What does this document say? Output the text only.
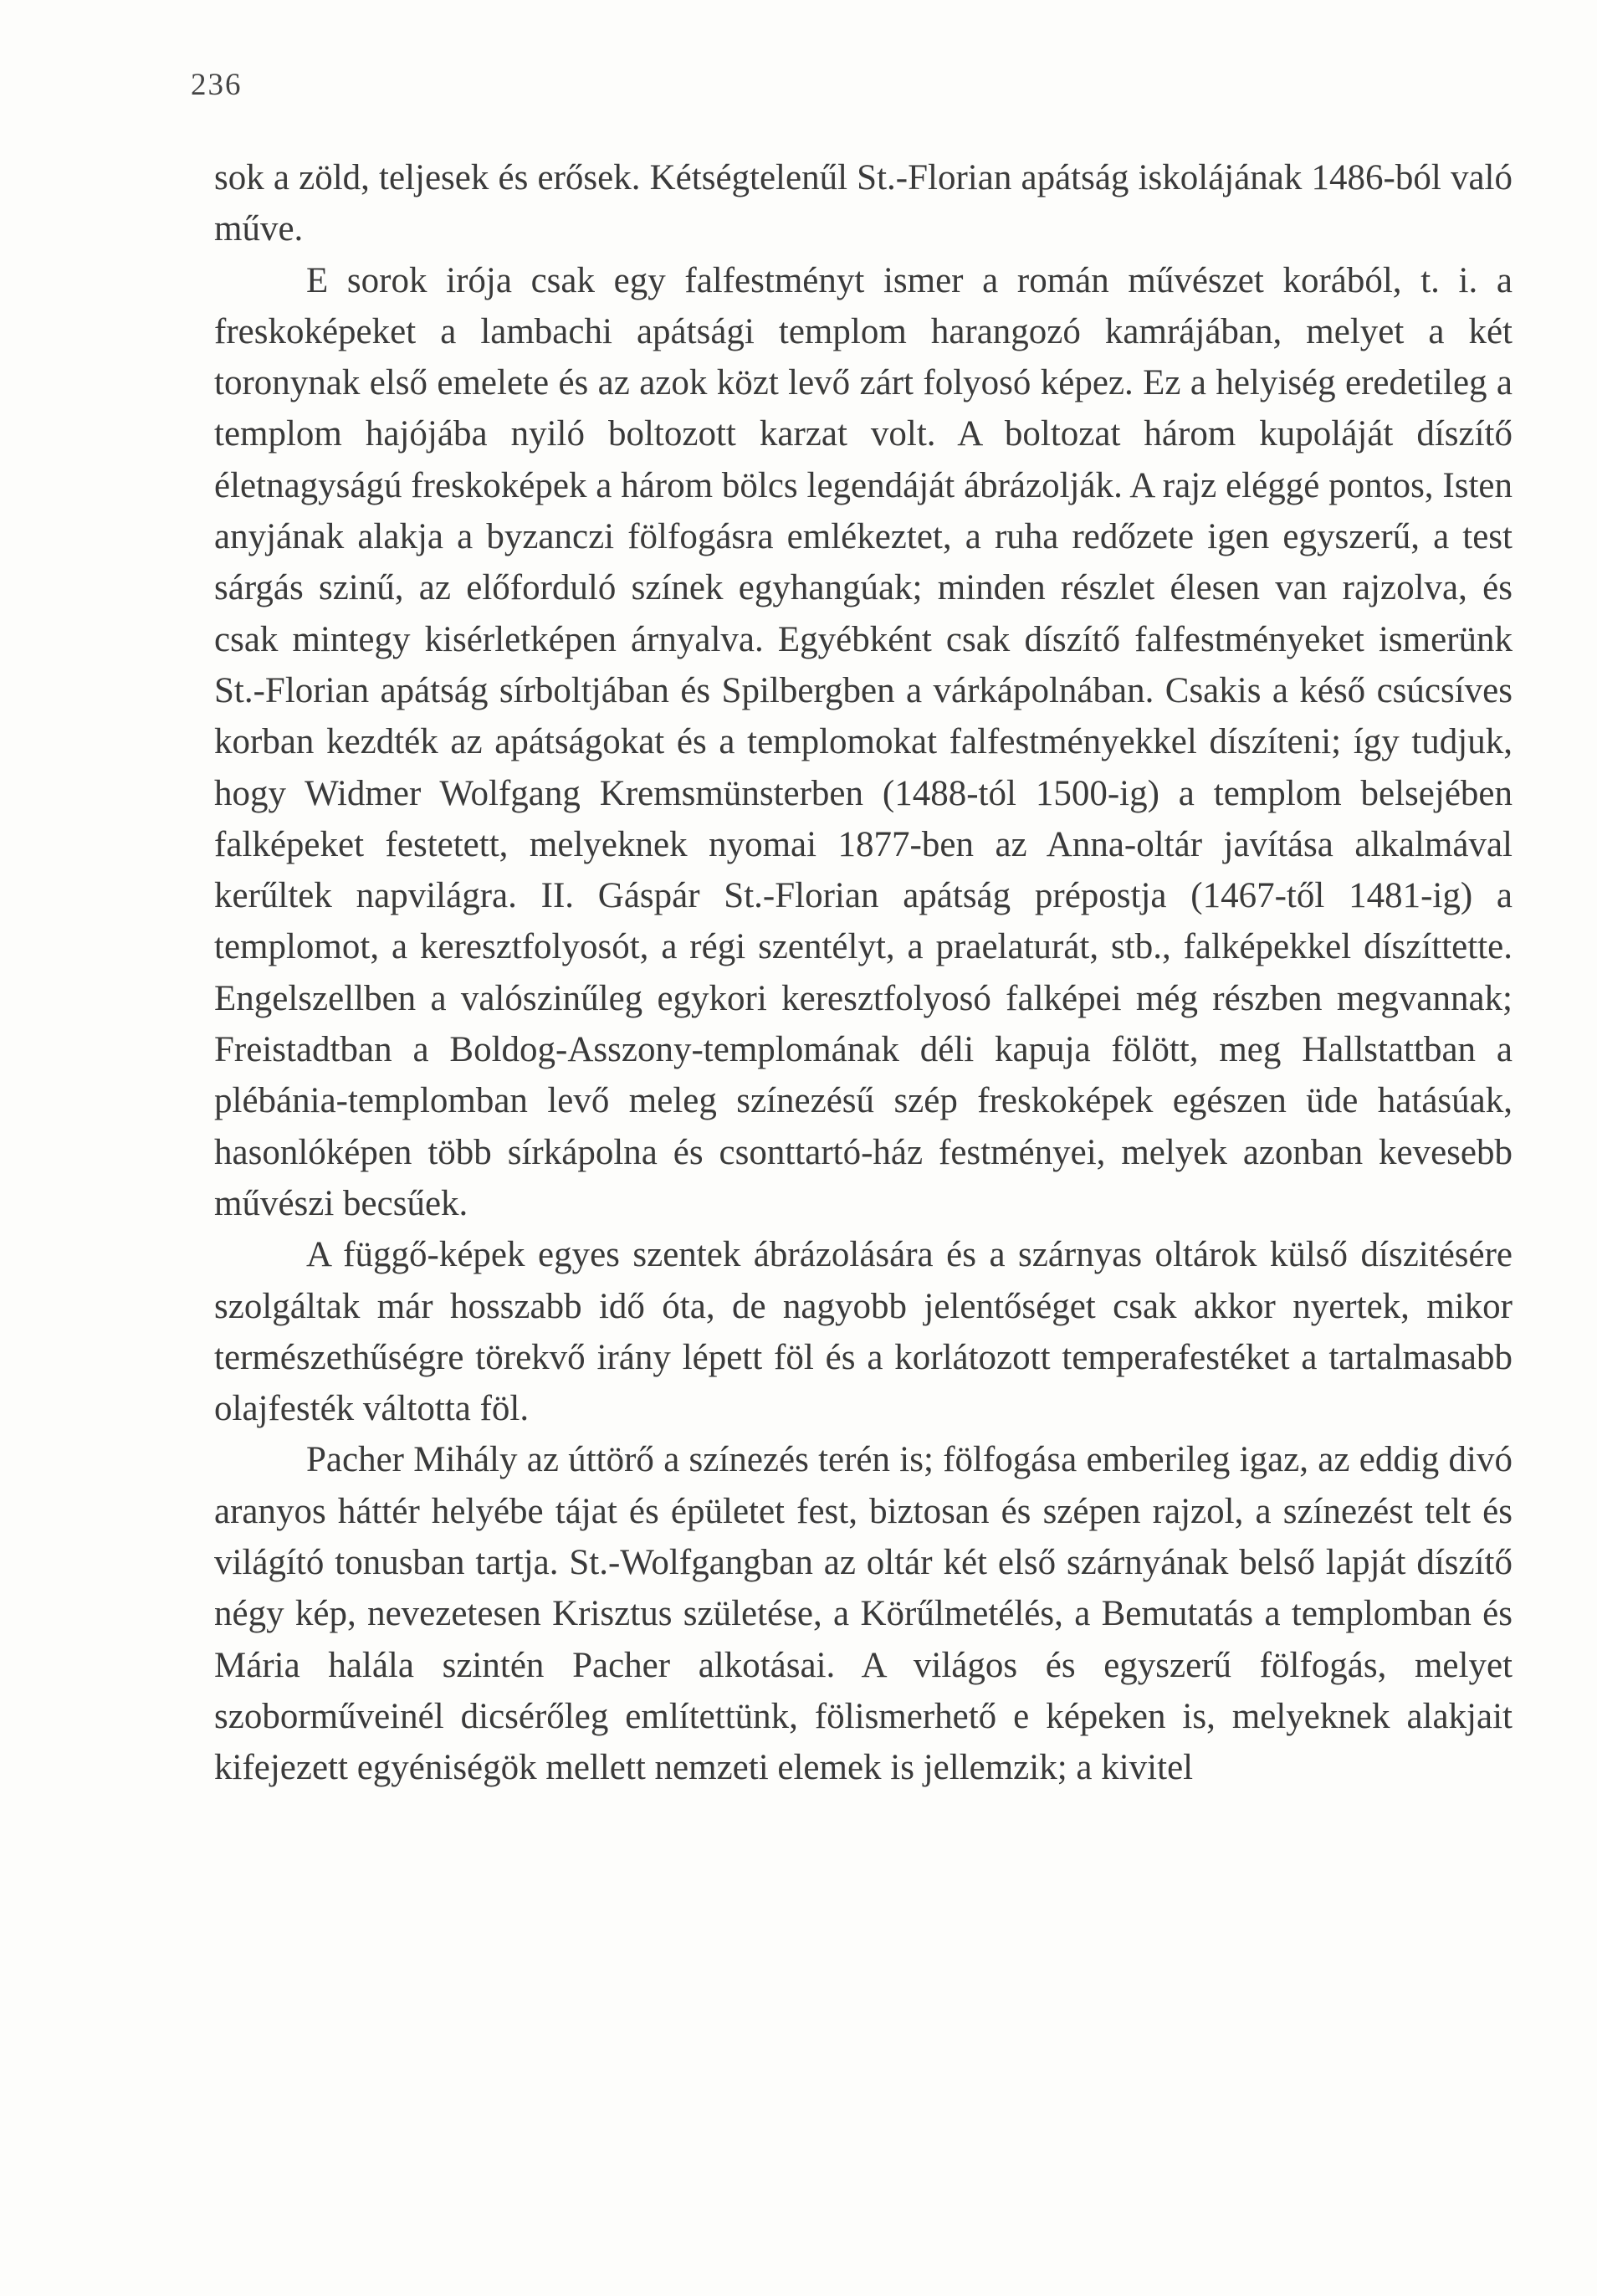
236

sok a zöld, teljesek és erősek. Kétségtelenűl St.-Florian apátság iskolájának 1486-ból való műve.

E sorok irója csak egy falfestményt ismer a román művészet korából, t. i. a freskoképeket a lambachi apátsági templom harangozó kamrájában, melyet a két toronynak első emelete és az azok közt levő zárt folyosó képez. Ez a helyiség eredetileg a templom hajójába nyiló boltozott karzat volt. A boltozat három kupoláját díszítő életnagyságú freskoképek a három bölcs legendáját ábrázolják. A rajz eléggé pontos, Isten anyjának alakja a byzanczi fölfogásra emlékeztet, a ruha redőzete igen egyszerű, a test sárgás szinű, az előforduló színek egyhangúak; minden részlet élesen van rajzolva, és csak mintegy kisérletképen árnyalva. Egyébként csak díszítő falfestményeket ismerünk St.-Florian apátság sírboltjában és Spilbergben a várkápolnában. Csakis a késő csúcsíves korban kezdték az apátságokat és a templomokat falfestményekkel díszíteni; így tudjuk, hogy Widmer Wolfgang Kremsmünsterben (1488-tól 1500-ig) a templom belsejében falképeket festetett, melyeknek nyomai 1877-ben az Anna-oltár javítása alkalmával kerűltek napvilágra. II. Gáspár St.-Florian apátság prépostja (1467-től 1481-ig) a templomot, a keresztfolyosót, a régi szentélyt, a praelaturát, stb., falképekkel díszíttette. Engelszellben a valószinűleg egykori keresztfolyosó falképei még részben megvannak; Freistadtban a Boldog-Asszony-templomának déli kapuja fölött, meg Hallstattban a plébánia-templomban levő meleg színezésű szép freskoképek egészen üde hatásúak, hasonlóképen több sírkápolna és csonttartó-ház festményei, melyek azonban kevesebb művészi becsűek.

A függő-képek egyes szentek ábrázolására és a szárnyas oltárok külső díszitésére szolgáltak már hosszabb idő óta, de nagyobb jelentőséget csak akkor nyertek, mikor természethűségre törekvő irány lépett föl és a korlátozott temperafestéket a tartalmasabb olajfesték váltotta föl.

Pacher Mihály az úttörő a színezés terén is; fölfogása emberileg igaz, az eddig divó aranyos háttér helyébe tájat és épületet fest, biztosan és szépen rajzol, a színezést telt és világító tonusban tartja. St.-Wolfgangban az oltár két első szárnyának belső lapját díszítő négy kép, nevezetesen Krisztus születése, a Körűlmetélés, a Bemutatás a templomban és Mária halála szintén Pacher alkotásai. A világos és egyszerű fölfogás, melyet szoborműveinél dicsérőleg említettünk, fölismerhető e képeken is, melyeknek alakjait kifejezett egyéniségök mellett nemzeti elemek is jellemzik; a kivitel
